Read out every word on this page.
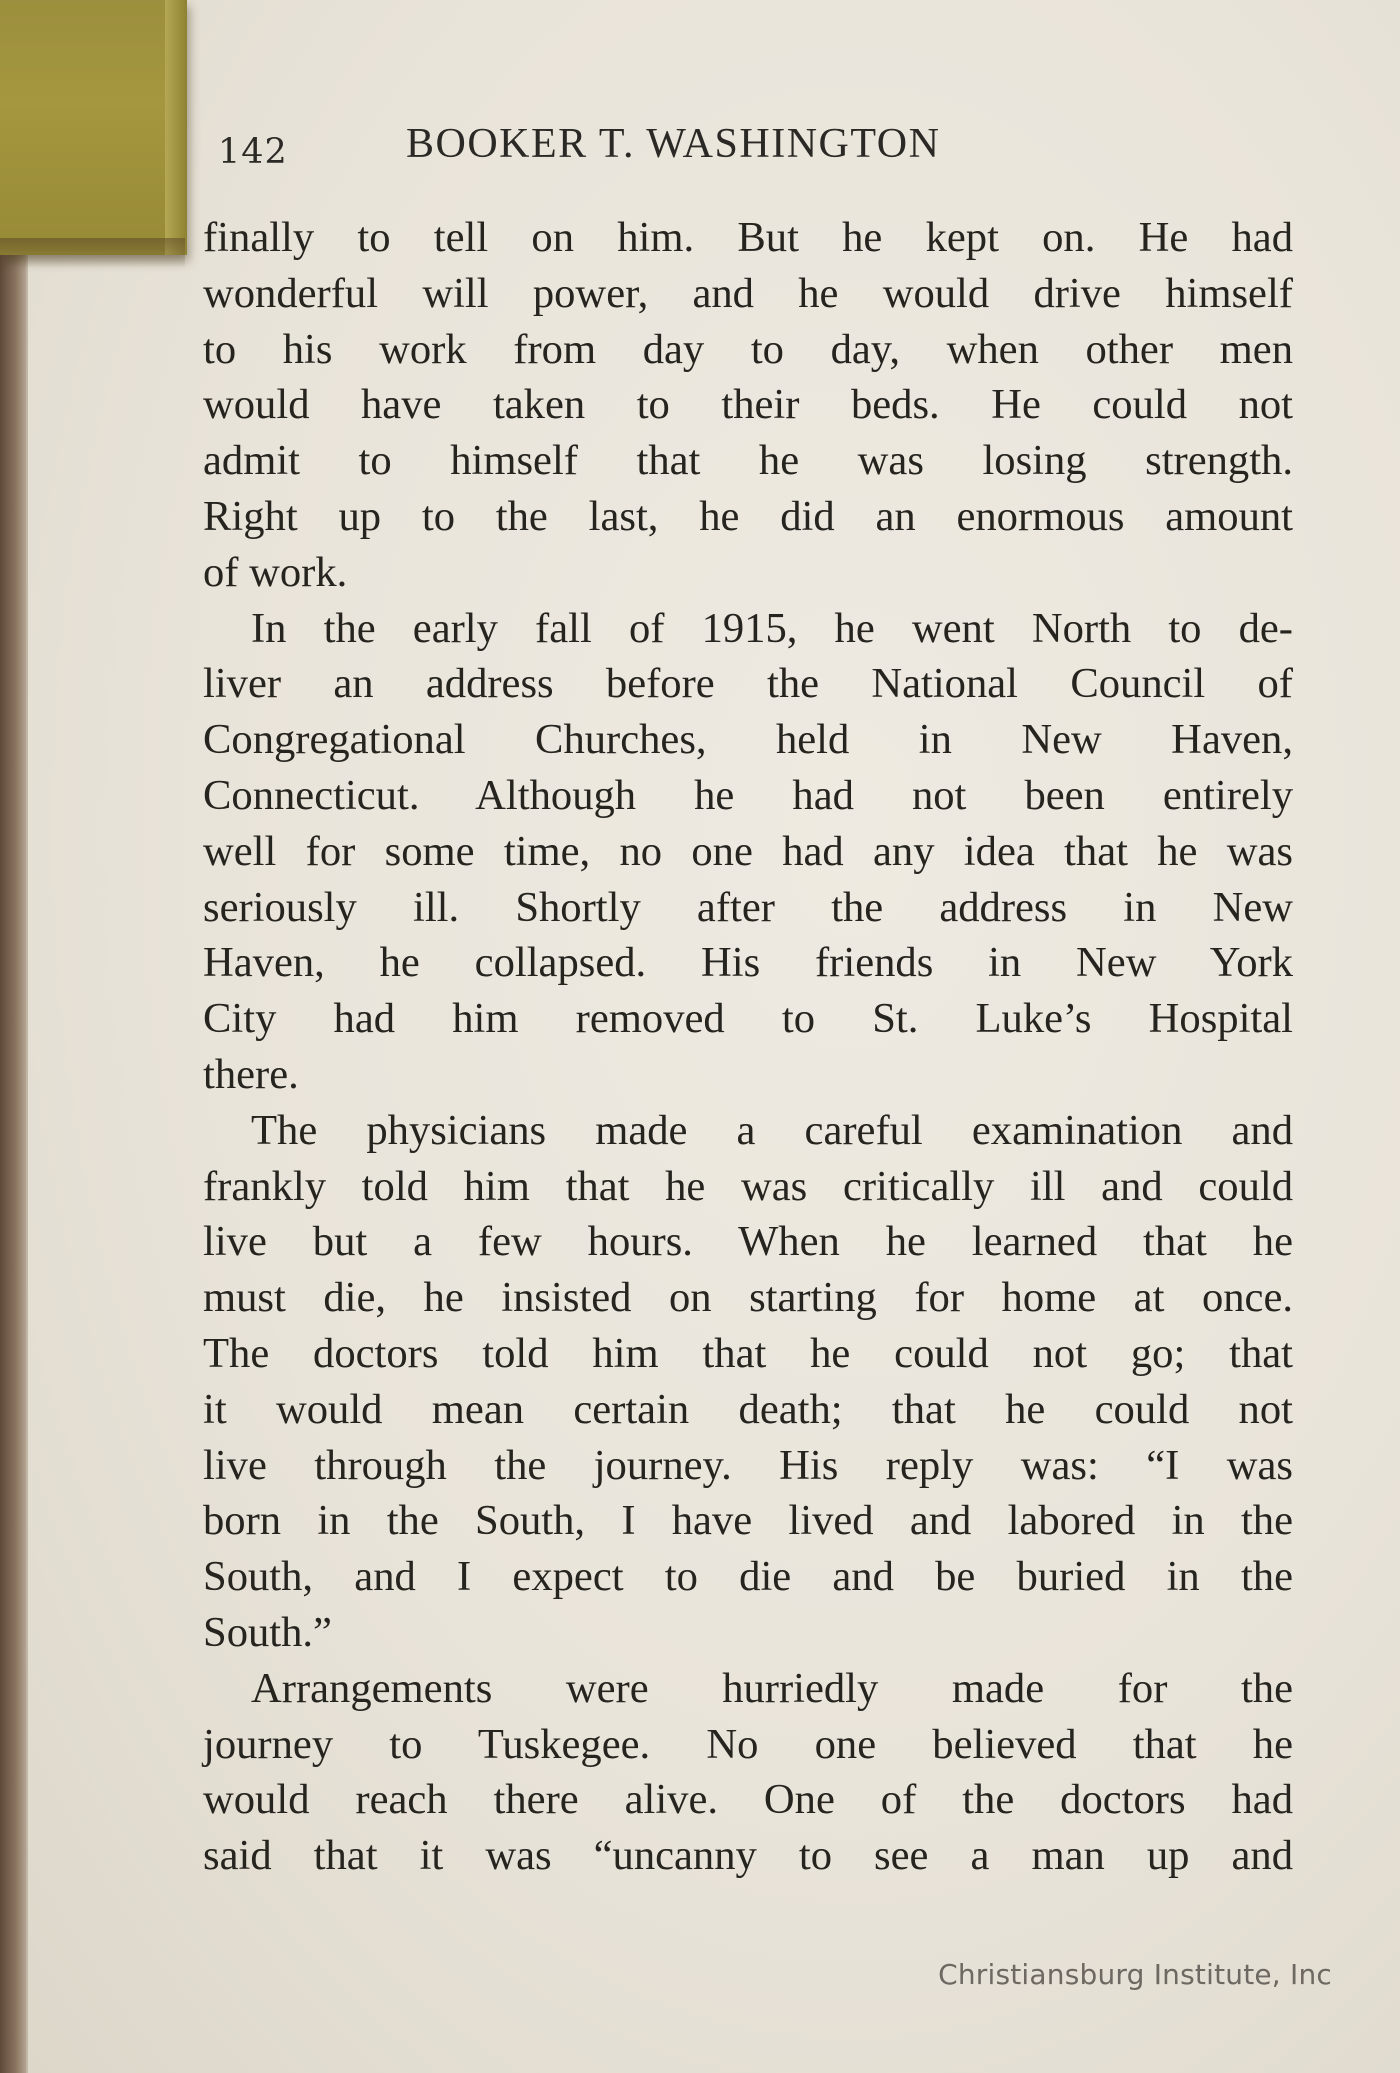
142	BOOKER T. WASHINGTON
finally to tell on him. But he kept on. He had
wonderful will power, and he would drive himself
to his work from day to day, when other men
would have taken to their beds. He could not
admit to himself that he was losing strength.
Right up to the last, he did an enormous amount
of work.
In the early fall of 1915, he went North to de-
liver an address before the National Council of
Congregational Churches, held in New Haven,
Connecticut. Although he had not been entirely
well for some time, no one had any idea that he was
seriously ill. Shortly after the address in New
Haven, he collapsed. His friends in New York
City had him removed to St. Luke’s Hospital
there.
The physicians made a careful examination and
frankly told him that he was critically ill and could
live but a few hours. When he learned that he
must die, he insisted on starting for home at once.
The doctors told him that he could not go; that
it would mean certain death; that he could not
live through the journey. His reply was: “I was
born in the South, I have lived and labored in the
South, and I expect to die and be buried in the
South.”
Arrangements were hurriedly made for the
journey to Tuskegee. No one believed that he
would reach there alive. One of the doctors had
said that it was “uncanny to see a man up and
Christiansburg Institute, Inc
